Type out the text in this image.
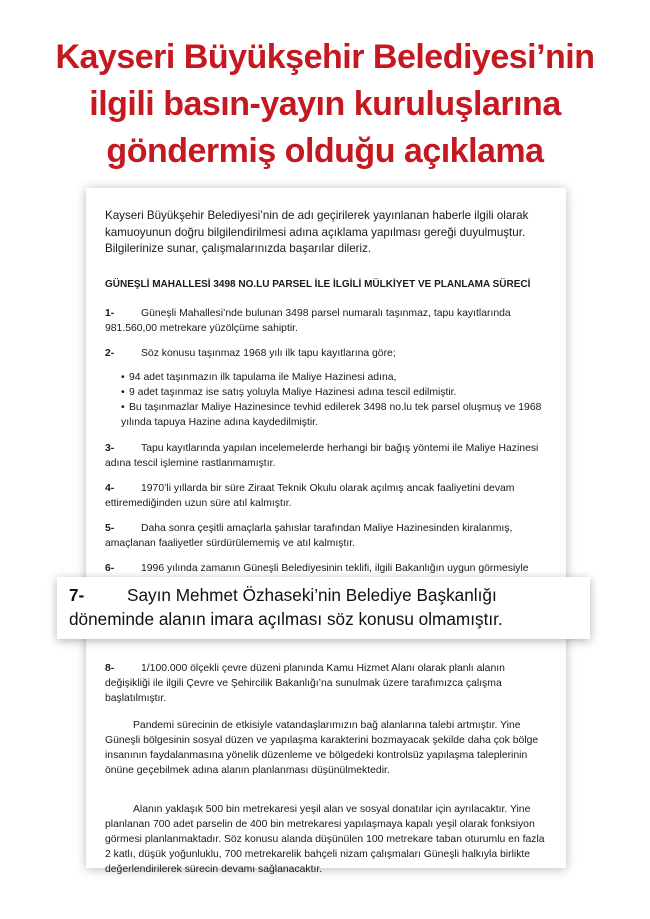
Kayseri Büyükşehir Belediyesi’nin
ilgili basın-yayın kuruluşlarına
göndermiş olduğu açıklama

Kayseri Büyükşehir Belediyesi’nin de adı geçirilerek yayınlanan haberle ilgili olarak kamuoyunun doğru bilgilendirilmesi adına açıklama yapılması gereği duyulmuştur. Bilgilerinize sunar, çalışmalarınızda başarılar dileriz.

GÜNEŞLİ MAHALLESİ 3498 NO.LU PARSEL İLE İLGİLİ MÜLKİYET VE PLANLAMA SÜRECİ

1-	Güneşli Mahallesi’nde bulunan 3498 parsel numaralı taşınmaz, tapu kayıtlarında 981.560,00 metrekare yüzölçüme sahiptir.

2-	Söz konusu taşınmaz 1968 yılı ilk tapu kayıtlarına göre;

• 94 adet taşınmazın ilk tapulama ile Maliye Hazinesi adına,
• 9 adet taşınmaz ise satış yoluyla Maliye Hazinesi adına tescil edilmiştir.
• Bu taşınmazlar Maliye Hazinesince tevhid edilerek 3498 no.lu tek parsel oluşmuş ve 1968 yılında tapuya Hazine adına kaydedilmiştir.

3-	Tapu kayıtlarında yapılan incelemelerde herhangi bir bağış yöntemi ile Maliye Hazinesi adına tescil işlemine rastlanmamıştır.

4-	1970’li yıllarda bir süre Ziraat Teknik Okulu olarak açılmış ancak faaliyetini devam ettiremediğinden uzun süre atıl kalmıştır.

5-	Daha sonra çeşitli amaçlarla şahıslar tarafından Maliye Hazinesinden kiralanmış, amaçlanan faaliyetler sürdürülememiş ve atıl kalmıştır.

6-	1996 yılında zamanın Güneşli Belediyesinin teklifi, ilgili Bakanlığın uygun görmesiyle

8-	1/100.000 ölçekli çevre düzeni planında Kamu Hizmet Alanı olarak planlı alanın değişikliği ile ilgili Çevre ve Şehircilik Bakanlığı’na sunulmak üzere tarafımızca çalışma başlatılmıştır.

Pandemi sürecinin de etkisiyle vatandaşlarımızın bağ alanlarına talebi artmıştır. Yine Güneşli bölgesinin sosyal düzen ve yapılaşma karakterini bozmayacak şekilde daha çok bölge insanının faydalanmasına yönelik düzenleme ve bölgedeki kontrolsüz yapılaşma taleplerinin önüne geçebilmek adına alanın planlanması düşünülmektedir.

Alanın yaklaşık 500 bin metrekaresi yeşil alan ve sosyal donatılar için ayrılacaktır. Yine planlanan 700 adet parselin de 400 bin metrekaresi yapılaşmaya kapalı yeşil olarak fonksiyon görmesi planlanmaktadır. Söz konusu alanda düşünülen 100 metrekare taban oturumlu en fazla 2 katlı, düşük yoğunluklu, 700 metrekarelik bahçeli nizam çalışmaları Güneşli halkıyla birlikte değerlendirilerek sürecin devamı sağlanacaktır.

7- Sayın Mehmet Özhaseki’nin Belediye Başkanlığı döneminde alanın imara açılması söz konusu olmamıştır.
